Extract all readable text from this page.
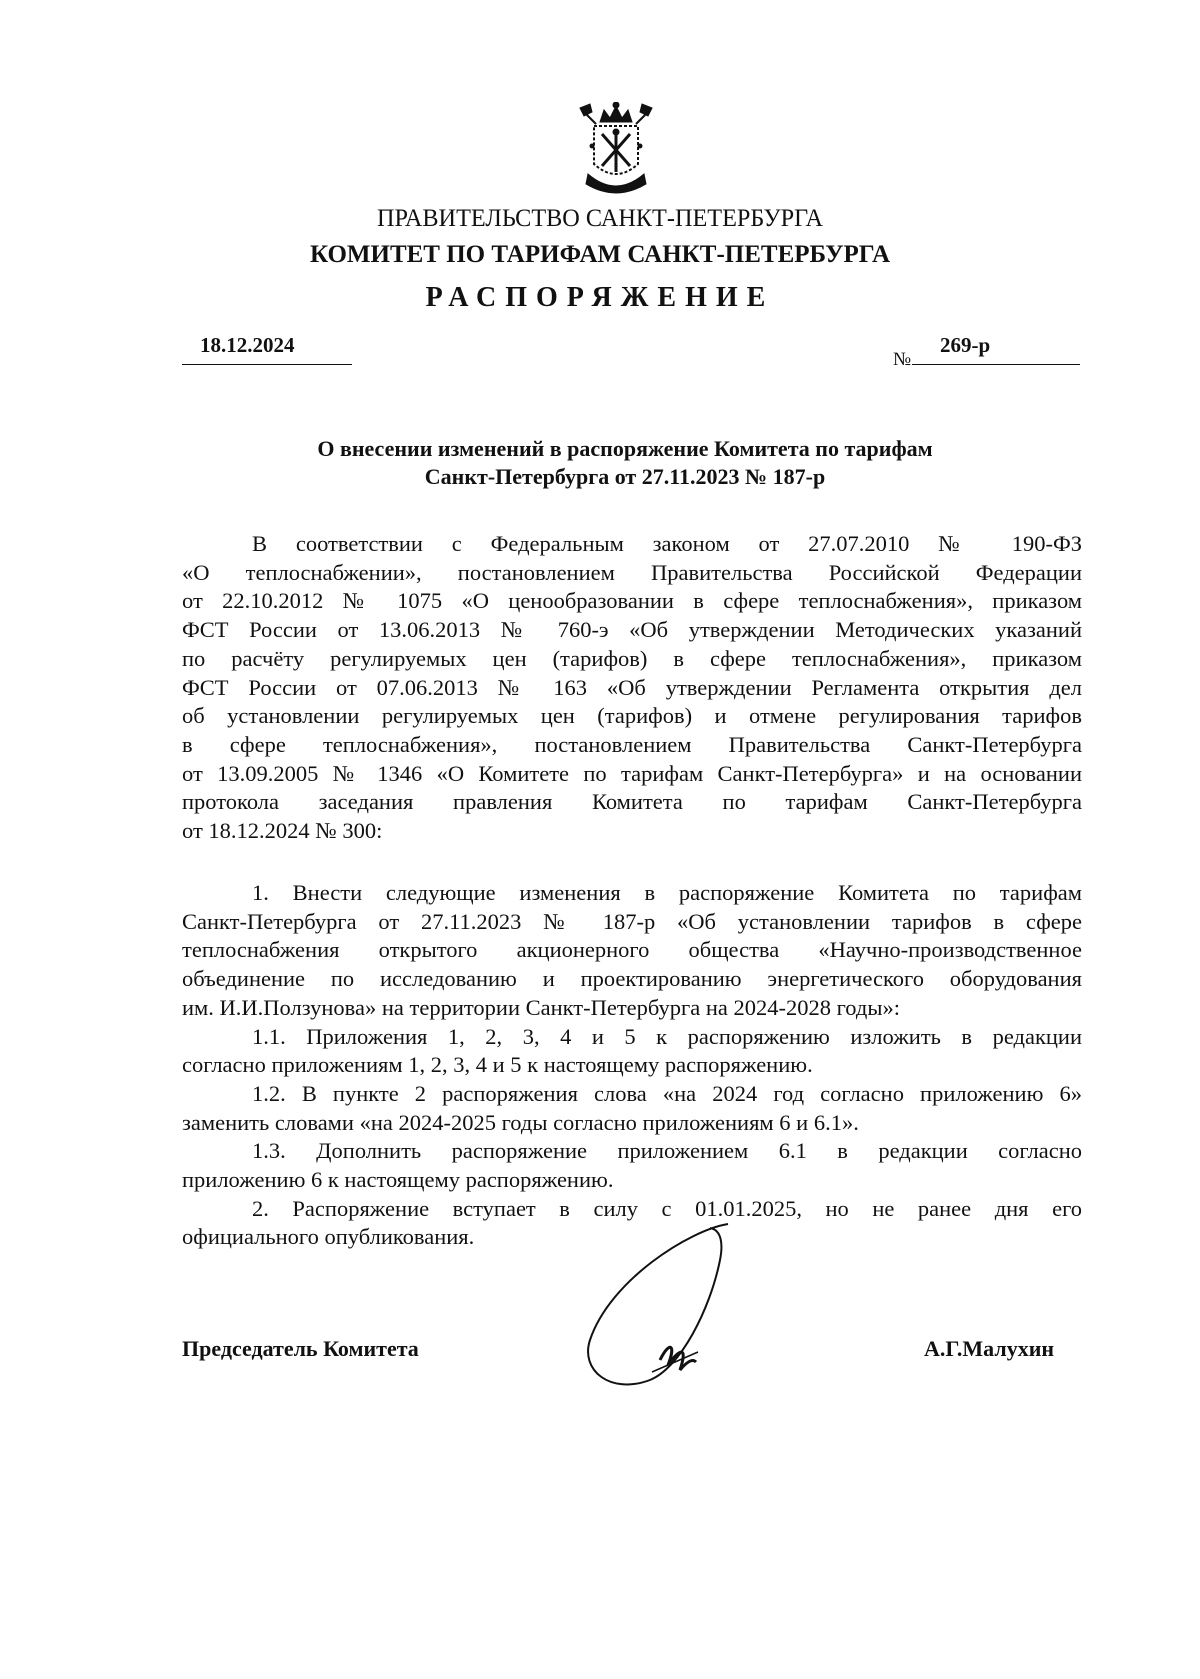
ПРАВИТЕЛЬСТВО САНКТ-ПЕТЕРБУРГА
КОМИТЕТ ПО ТАРИФАМ САНКТ-ПЕТЕРБУРГА
РАСПОРЯЖЕНИЕ
18.12.2024
№
269-р
О внесении изменений в распоряжение Комитета по тарифам
Санкт-Петербурга от 27.11.2023 № 187-р
В соответствии с Федеральным законом от 27.07.2010 № 190-ФЗ
«О теплоснабжении», постановлением Правительства Российской Федерации
от 22.10.2012 № 1075 «О ценообразовании в сфере теплоснабжения», приказом
ФСТ России от 13.06.2013 № 760-э «Об утверждении Методических указаний
по расчёту регулируемых цен (тарифов) в сфере теплоснабжения», приказом
ФСТ России от 07.06.2013 № 163 «Об утверждении Регламента открытия дел
об установлении регулируемых цен (тарифов) и отмене регулирования тарифов
в сфере теплоснабжения», постановлением Правительства Санкт-Петербурга
от 13.09.2005 № 1346 «О Комитете по тарифам Санкт-Петербурга» и на основании
протокола заседания правления Комитета по тарифам Санкт-Петербурга
от 18.12.2024 № 300:
1. Внести следующие изменения в распоряжение Комитета по тарифам
Санкт-Петербурга от 27.11.2023 № 187-р «Об установлении тарифов в сфере
теплоснабжения открытого акционерного общества «Научно-производственное
объединение по исследованию и проектированию энергетического оборудования
им. И.И.Ползунова» на территории Санкт-Петербурга на 2024-2028 годы»:
1.1. Приложения 1, 2, 3, 4 и 5 к распоряжению изложить в редакции
согласно приложениям 1, 2, 3, 4 и 5 к настоящему распоряжению.
1.2. В пункте 2 распоряжения слова «на 2024 год согласно приложению 6»
заменить словами «на 2024-2025 годы согласно приложениям 6 и 6.1».
1.3. Дополнить распоряжение приложением 6.1 в редакции согласно
приложению 6 к настоящему распоряжению.
2. Распоряжение вступает в силу с 01.01.2025, но не ранее дня его
официального опубликования.
Председатель Комитета	А.Г.Малухин
